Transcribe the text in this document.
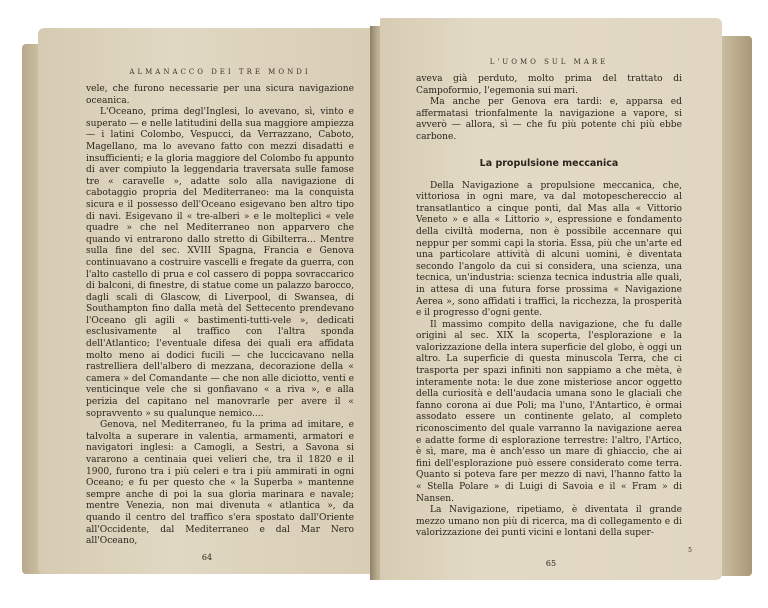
ALMANACCO DEI TRE MONDI

vele, che furono necessarie per una sicura navigazione oceanica.

L'Oceano, prima degl'Inglesi, lo avevano, sì, vinto e superato — e nelle latitudini della sua maggiore ampiezza — i latini Colombo, Vespucci, da Verrazzano, Caboto, Magellano, ma lo avevano fatto con mezzi disadatti e insufficienti; e la gloria maggiore del Colombo fu appunto di aver compiuto la leggendaria traversata sulle famose tre « caravelle », adatte solo alla navigazione di cabotaggio propria del Mediterraneo: ma la conquista sicura e il possesso dell'Oceano esigevano ben altro tipo di navi. Esigevano il « tre-alberi » e le molteplici « vele quadre » che nel Mediterraneo non apparvero che quando vi entrarono dallo stretto di Gibilterra... Mentre sulla fine del sec. XVIII Spagna, Francia e Genova continuavano a costruire vascelli e fregate da guerra, con l'alto castello di prua e col cassero di poppa sovraccarico di balconi, di finestre, di statue come un palazzo barocco, dagli scali di Glascow, di Liverpool, di Swansea, di Southampton fino dalla metà del Settecento prendevano l'Oceano gli agili « bastimenti-tutti-vele », dedicati esclusivamente al traffico con l'altra sponda dell'Atlantico; l'eventuale difesa dei quali era affidata molto meno ai dodici fucili — che luccicavano nella rastrelliera dell'albero di mezzana, decorazione della « camera » del Comandante — che non alle diciotto, venti e venticinque vele che si gonfiavano « a riva », e alla perizia del capitano nel manovrarle per avere il « sopravvento » su qualunque nemico....

Genova, nel Mediterraneo, fu la prima ad imitare, e talvolta a superare in valentia, armamenti, armatori e navigatori inglesi: a Camogli, a Sestri, a Savona si vararono a centinaia quei velieri che, tra il 1820 e il 1900, furono tra i più celeri e tra i più ammirati in ogni Oceano; e fu per questo che « la Superba » mantenne sempre anche di poi la sua gloria marinara e navale; mentre Venezia, non mai divenuta « atlantica », da quando il centro del traffico s'era spostato dall'Oriente all'Occidente, dal Mediterraneo e dal Mar Nero all'Oceano,

64
L'UOMO SUL MARE

aveva già perduto, molto prima del trattato di Campoformio, l'egemonia sui mari.

Ma anche per Genova era tardi: e, apparsa ed affermatasi trionfalmente la navigazione a vapore, si avverò — allora, sì — che fu più potente chi più ebbe carbone.

La propulsione meccanica

Della Navigazione a propulsione meccanica, che, vittoriosa in ogni mare, va dal motopeschereccio al transatlantico a cinque ponti, dal Mas alla « Vittorio Veneto » e alla « Littorio », espressione e fondamento della civiltà moderna, non è possibile accennare qui neppur per sommi capi la storia. Essa, più che un'arte ed una particolare attività di alcuni uomini, è diventata secondo l'angolo da cui si considera, una scienza, una tecnica, un'industria: scienza tecnica industria alle quali, in attesa di una futura forse prossima « Navigazione Aerea », sono affidati i traffici, la ricchezza, la prosperità e il progresso d'ogni gente.

Il massimo compito della navigazione, che fu dalle origini al sec. XIX la scoperta, l'esplorazione e la valorizzazione della intera superficie del globo, è oggi un altro. La superficie di questa minuscola Terra, che ci trasporta per spazi infiniti non sappiamo a che mèta, è interamente nota: le due zone misteriose ancor oggetto della curiosità e dell'audacia umana sono le glaciali che fanno corona ai due Poli; ma l'uno, l'Antartico, è ormai assodato essere un continente gelato, al completo riconoscimento del quale varranno la navigazione aerea e adatte forme di esplorazione terrestre: l'altro, l'Artico, è sì, mare, ma è anch'esso un mare di ghiaccio, che ai fini dell'esplorazione può essere considerato come terra. Quanto si poteva fare per mezzo di navi, l'hanno fatto la « Stella Polare » di Luigi di Savoia e il « Fram » di Nansen.

La Navigazione, ripetiamo, è diventata il grande mezzo umano non più di ricerca, ma di collegamento e di valorizzazione dei punti vicini e lontani della super-

5
65
